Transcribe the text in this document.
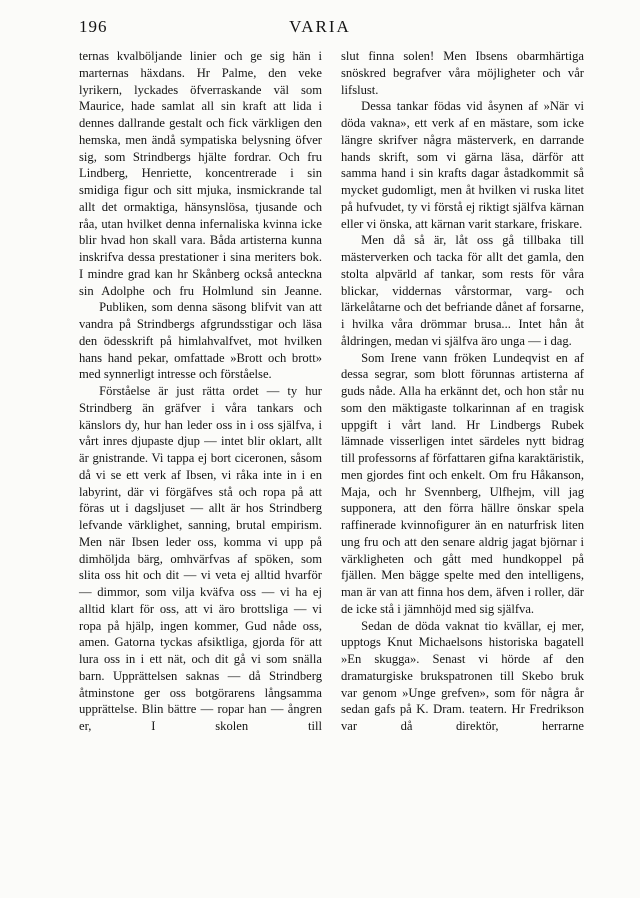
196	VARIA

ternas kvalböljande linier och ge sig hän i marternas häxdans. Hr Palme, den veke lyrikern, lyckades öfverraskande väl som Maurice, hade samlat all sin kraft att lida i dennes dallrande gestalt och fick värkligen den hemska, men ändå sympatiska belysning öfver sig, som Strindbergs hjälte fordrar. Och fru Lindberg, Henriette, koncentrerade i sin smidiga figur och sitt mjuka, insmickrande tal allt det ormaktiga, hänsynslösa, tjusande och råa, utan hvilket denna infernaliska kvinna icke blir hvad hon skall vara. Båda artisterna kunna inskrifva dessa prestationer i sina meriters bok. I mindre grad kan hr Skånberg också anteckna sin Adolphe och fru Holmlund sin Jeanne.

Publiken, som denna säsong blifvit van att vandra på Strindbergs afgrundsstigar och läsa den ödesskrift på himlahvalfvet, mot hvilken hans hand pekar, omfattade »Brott och brott» med synnerligt intresse och förståelse.

Förståelse är just rätta ordet — ty hur Strindberg än gräfver i våra tankars och känslors dy, hur han leder oss in i oss själfva, i vårt inres djupaste djup — intet blir oklart, allt är gnistrande. Vi tappa ej bort ciceronen, såsom då vi se ett verk af Ibsen, vi råka inte in i en labyrint, där vi förgäfves stå och ropa på att föras ut i dagsljuset — allt är hos Strindberg lefvande värklighet, sanning, brutal empirism. Men när Ibsen leder oss, komma vi upp på dimhöljda bärg, omhvärfvas af spöken, som slita oss hit och dit — vi veta ej alltid hvarför — dimmor, som vilja kväfva oss — vi ha ej alltid klart för oss, att vi äro brottsliga — vi ropa på hjälp, ingen kommer, Gud nåde oss, amen. Gatorna tyckas afsiktliga, gjorda för att lura oss in i ett nät, och dit gå vi som snälla barn. Upprättelsen saknas — då Strindberg åtminstone ger oss botgörarens långsamma upprättelse. Blin bättre — ropar han — ångren er, I skolen till

slut finna solen! Men Ibsens obarmhärtiga snöskred begrafver våra möjligheter och vår lifslust.

Dessa tankar födas vid åsynen af »När vi döda vakna», ett verk af en mästare, som icke längre skrifver några mästerverk, en darrande hands skrift, som vi gärna läsa, därför att samma hand i sin krafts dagar åstadkommit så mycket gudomligt, men åt hvilken vi ruska litet på hufvudet, ty vi förstå ej riktigt själfva kärnan eller vi önska, att kärnan varit starkare, friskare.

Men då så är, låt oss gå tillbaka till mästerverken och tacka för allt det gamla, den stolta alpvärld af tankar, som rests för våra blickar, viddernas vårstormar, varg- och lärkelåtarne och det befriande dånet af forsarne, i hvilka våra drömmar brusa... Intet hån åt åldringen, medan vi själfva äro unga — i dag.

Som Irene vann fröken Lundeqvist en af dessa segrar, som blott förunnas artisterna af guds nåde. Alla ha erkännt det, och hon står nu som den mäktigaste tolkarinnan af en tragisk uppgift i vårt land. Hr Lindbergs Rubek lämnade visserligen intet särdeles nytt bidrag till professorns af författaren gifna karaktäristik, men gjordes fint och enkelt. Om fru Håkanson, Maja, och hr Svennberg, Ulfhejm, vill jag supponera, att den förra hällre önskar spela raffinerade kvinnofigurer än en naturfrisk liten ung fru och att den senare aldrig jagat björnar i värkligheten och gått med hundkoppel på fjällen. Men bägge spelte med den intelligens, man är van att finna hos dem, äfven i roller, där de icke stå i jämnhöjd med sig själfva.

Sedan de döda vaknat tio kvällar, ej mer, upptogs Knut Michaelsons historiska bagatell »En skugga». Senast vi hörde af den dramaturgiske brukspatronen till Skebo bruk var genom »Unge grefven», som för några år sedan gafs på K. Dram. teatern. Hr Fredrikson var då direktör, herrarne
